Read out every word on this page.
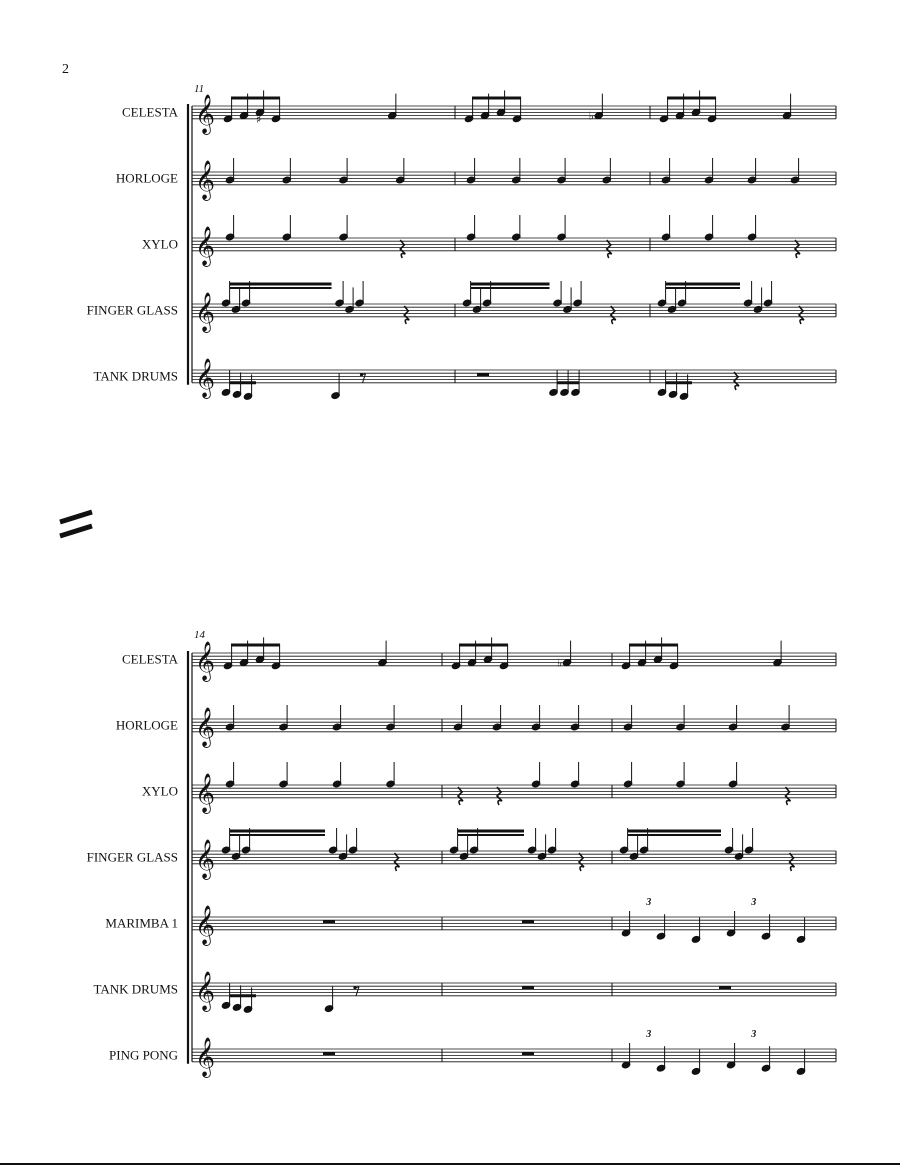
2
11
𝄞
CELESTA	♯ ♯	♭
𝄞
HORLOGE
𝄞
XYLO
𝄞
FINGER GLASS
𝄞
TANK DRUMS
14
𝄞
CELESTA	♭
𝄞
HORLOGE
𝄞
XYLO
𝄞
FINGER GLASS
𝄞
MARIMBA 1
3	3
𝄞
TANK DRUMS
𝄞
PING PONG
3	3
